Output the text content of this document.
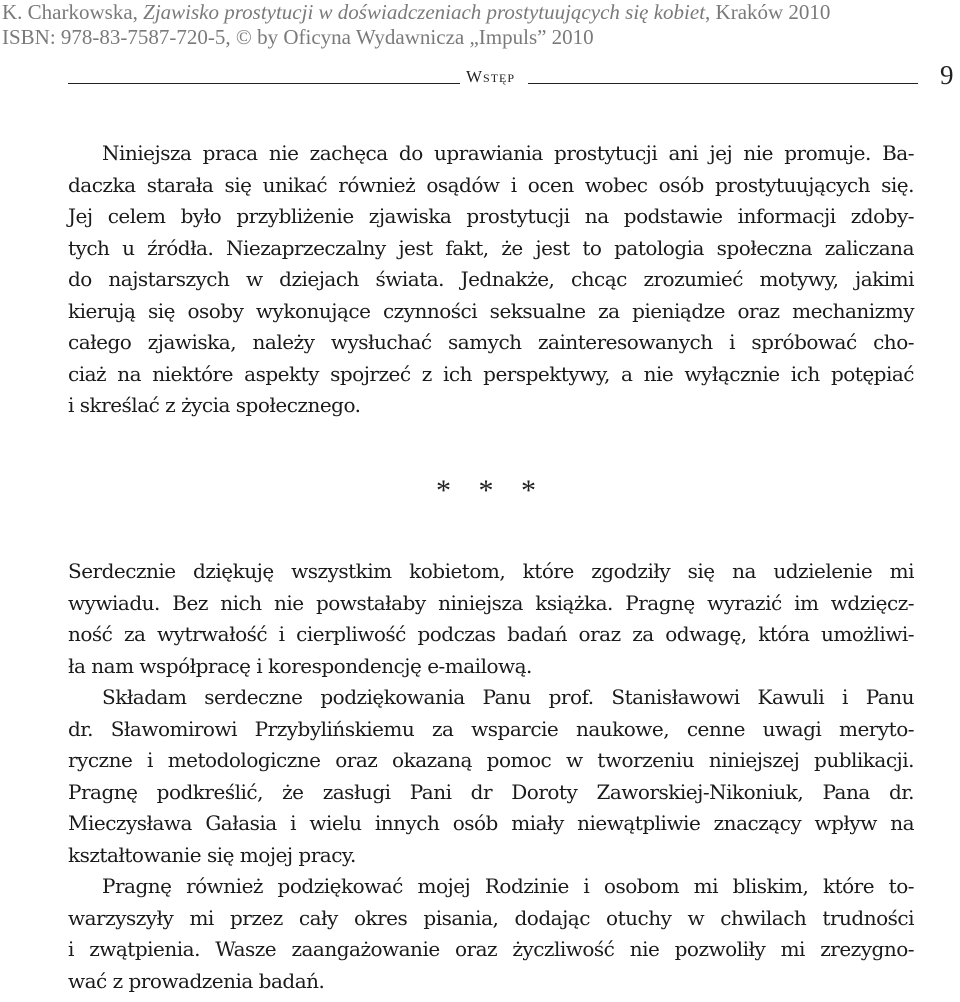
K. Charkowska, Zjawisko prostytucji w doświadczeniach prostytuujących się kobiet, Kraków 2010
ISBN: 978-83-7587-720-5, © by Oficyna Wydawnicza „Impuls” 2010
Wstęp	9
Niniejsza praca nie zachęca do uprawiania prostytucji ani jej nie promuje. Ba-
daczka starała się unikać również osądów i ocen wobec osób prostytuujących się.
Jej celem było przybliżenie zjawiska prostytucji na podstawie informacji zdoby-
tych u źródła. Niezaprzeczalny jest fakt, że jest to patologia społeczna zaliczana
do najstarszych w dziejach świata. Jednakże, chcąc zrozumieć motywy, jakimi
kierują się osoby wykonujące czynności seksualne za pieniądze oraz mechanizmy
całego zjawiska, należy wysłuchać samych zainteresowanych i spróbować cho-
ciaż na niektóre aspekty spojrzeć z ich perspektywy, a nie wyłącznie ich potępiać
i skreślać z życia społecznego.
* * *
Serdecznie dziękuję wszystkim kobietom, które zgodziły się na udzielenie mi
wywiadu. Bez nich nie powstałaby niniejsza książka. Pragnę wyrazić im wdzięcz-
ność za wytrwałość i cierpliwość podczas badań oraz za odwagę, która umożliwi-
ła nam współpracę i korespondencję e-mailową.
Składam serdeczne podziękowania Panu prof. Stanisławowi Kawuli i Panu
dr. Sławomirowi Przybylińskiemu za wsparcie naukowe, cenne uwagi meryto-
ryczne i metodologiczne oraz okazaną pomoc w tworzeniu niniejszej publikacji.
Pragnę podkreślić, że zasługi Pani dr Doroty Zaworskiej-Nikoniuk, Pana dr.
Mieczysława Gałasia i wielu innych osób miały niewątpliwie znaczący wpływ na
kształtowanie się mojej pracy.
Pragnę również podziękować mojej Rodzinie i osobom mi bliskim, które to-
warzyszyły mi przez cały okres pisania, dodając otuchy w chwilach trudności
i zwątpienia. Wasze zaangażowanie oraz życzliwość nie pozwoliły mi zrezygno-
wać z prowadzenia badań.
